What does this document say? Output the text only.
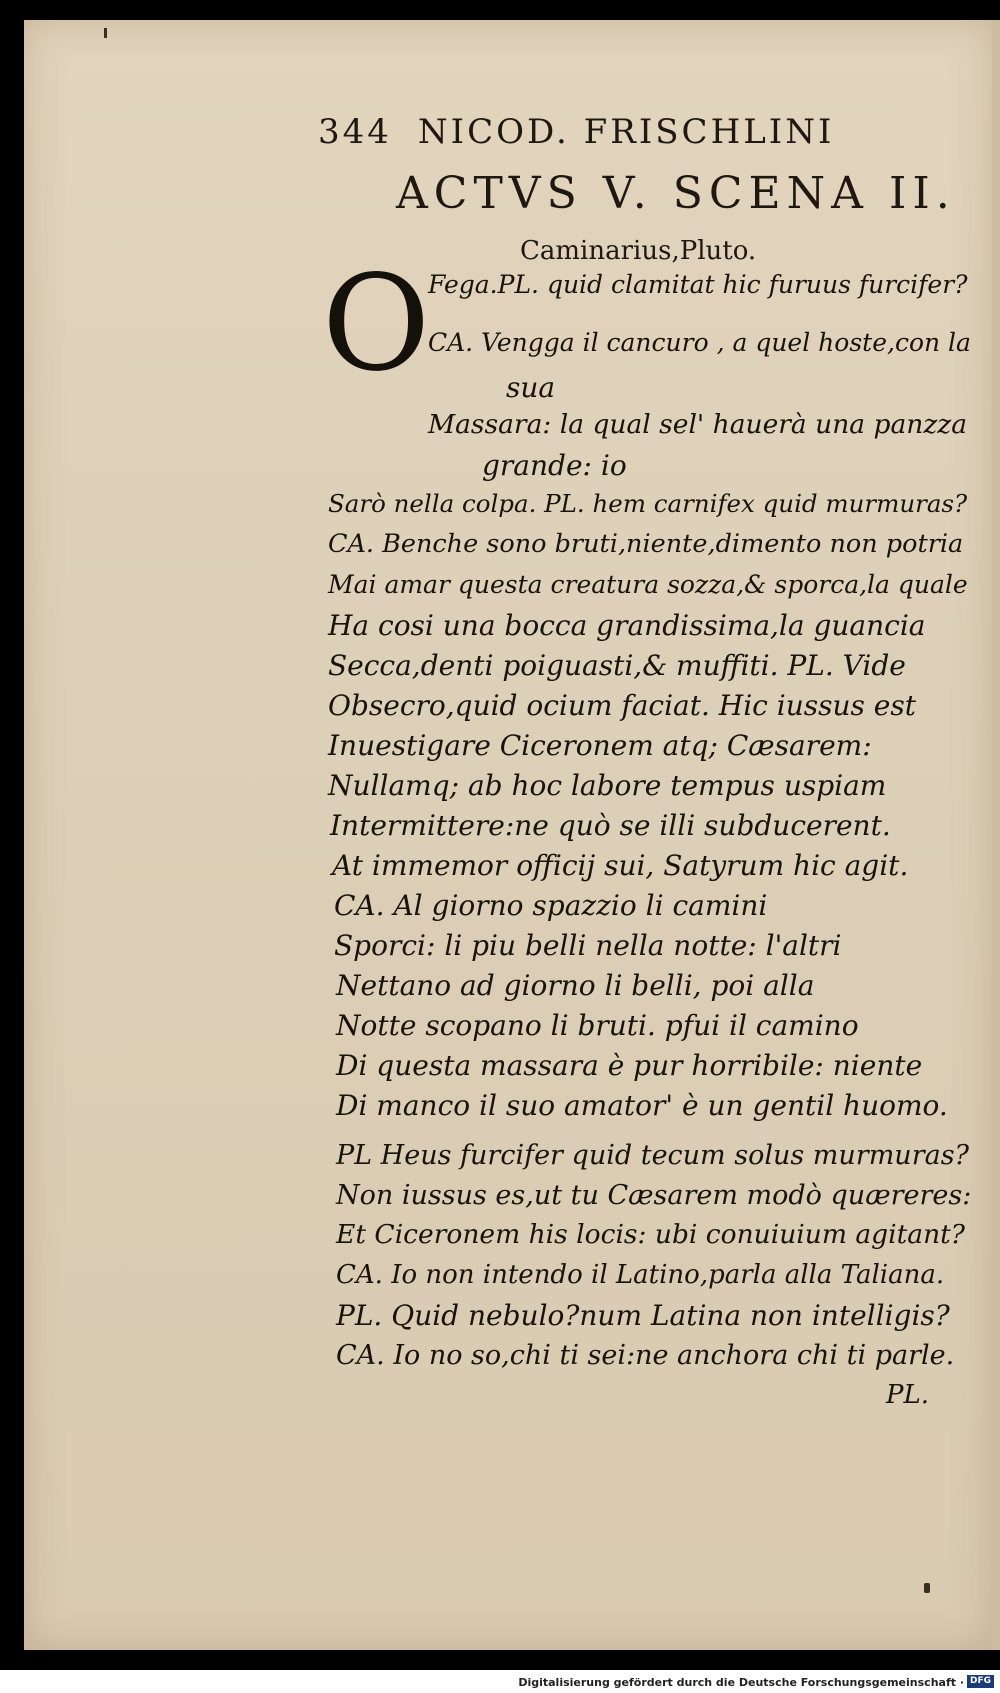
344 NICOD. FRISCHLINI
ACTVS V. SCENA II.
Caminarius,Pluto.
O
Fega.PL. quid clamitat hic furuus furcifer?
CA. Vengga il cancuro , a quel hoste,con la
sua
Massara: la qual sel' hauerà una panzza
grande: io
Sarò nella colpa. PL. hem carnifex quid murmuras?
CA. Benche sono bruti,niente,dimento non potria
Mai amar questa creatura sozza,& sporca,la quale
Ha cosi una bocca grandissima,la guancia
Secca,denti poiguasti,& muffiti. PL. Vide
Obsecro,quid ocium faciat. Hic iussus est
Inuestigare Ciceronem atq; Cæsarem:
Nullamq; ab hoc labore tempus uspiam
Intermittere:ne quò se illi subducerent.
At immemor officij sui, Satyrum hic agit.
CA. Al giorno spazzio li camini
Sporci: li piu belli nella notte: l'altri
Nettano ad giorno li belli, poi alla
Notte scopano li bruti. pfui il camino
Di questa massara è pur horribile: niente
Di manco il suo amator' è un gentil huomo.
PL Heus furcifer quid tecum solus murmuras?
Non iussus es,ut tu Cæsarem modò quæreres:
Et Ciceronem his locis: ubi conuiuium agitant?
CA. Io non intendo il Latino,parla alla Taliana.
PL. Quid nebulo?num Latina non intelligis?
CA. Io no so,chi ti sei:ne anchora chi ti parle.
PL.
Digitalisierung gefördert durch die Deutsche Forschungsgemeinschaft · DFG
